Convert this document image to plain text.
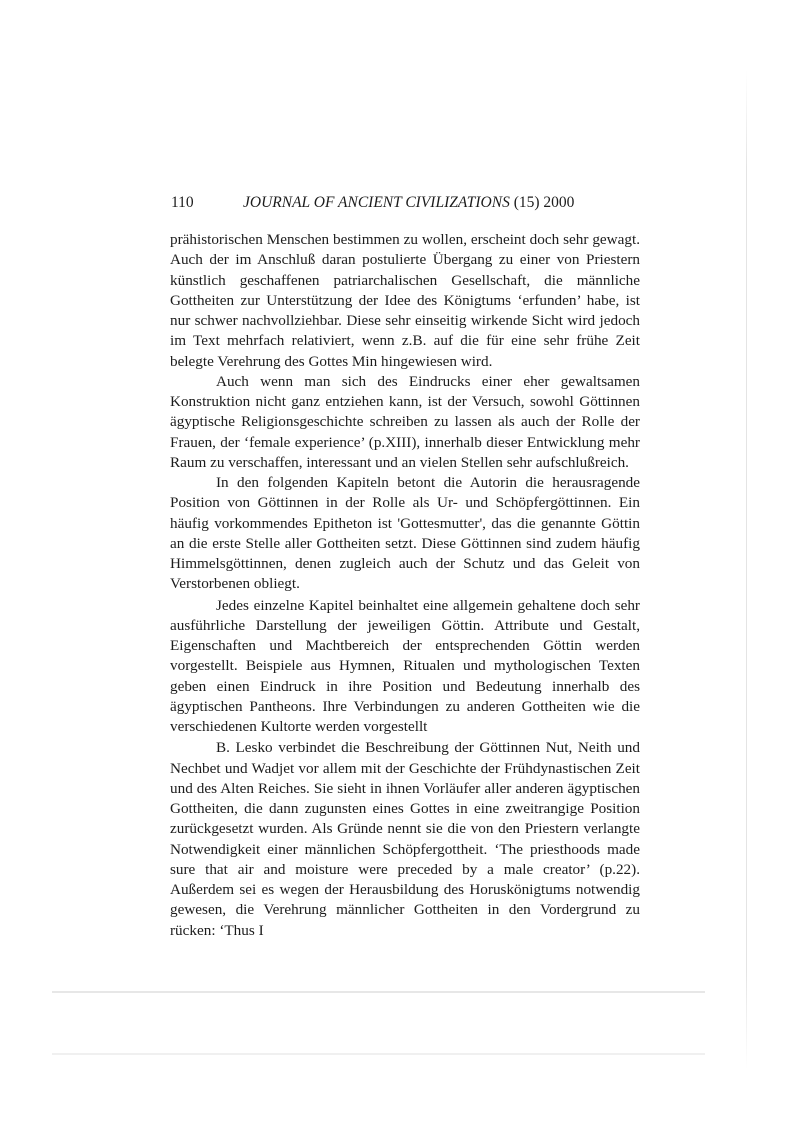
110	JOURNAL OF ANCIENT CIVILIZATIONS (15) 2000

prähistorischen Menschen bestimmen zu wollen, erscheint doch sehr gewagt. Auch der im Anschluß daran postulierte Übergang zu einer von Priestern künstlich geschaffenen patriarchalischen Gesellschaft, die männliche Gottheiten zur Unterstützung der Idee des Königtums ‘erfunden’ habe, ist nur schwer nachvollziehbar. Diese sehr einseitig wirkende Sicht wird jedoch im Text mehrfach relativiert, wenn z.B. auf die für eine sehr frühe Zeit belegte Verehrung des Gottes Min hingewiesen wird.

Auch wenn man sich des Eindrucks einer eher gewaltsamen Konstruktion nicht ganz entziehen kann, ist der Versuch, sowohl Göttinnen ägyptische Religionsgeschichte schreiben zu lassen als auch der Rolle der Frauen, der ‘female experience’ (p.XIII), innerhalb dieser Entwicklung mehr Raum zu verschaffen, interessant und an vielen Stellen sehr aufschlußreich.

In den folgenden Kapiteln betont die Autorin die herausragende Position von Göttinnen in der Rolle als Ur- und Schöpfergöttinnen. Ein häufig vorkommendes Epitheton ist 'Gottesmutter', das die genannte Göttin an die erste Stelle aller Gottheiten setzt. Diese Göttinnen sind zudem häufig Himmelsgöttinnen, denen zugleich auch der Schutz und das Geleit von Verstorbenen obliegt.

Jedes einzelne Kapitel beinhaltet eine allgemein gehaltene doch sehr ausführliche Darstellung der jeweiligen Göttin. Attribute und Gestalt, Eigenschaften und Machtbereich der entsprechenden Göttin werden vorgestellt. Beispiele aus Hymnen, Ritualen und mythologischen Texten geben einen Eindruck in ihre Position und Bedeutung innerhalb des ägyptischen Pantheons. Ihre Verbindungen zu anderen Gottheiten wie die verschiedenen Kultorte werden vorgestellt

B. Lesko verbindet die Beschreibung der Göttinnen Nut, Neith und Nechbet und Wadjet vor allem mit der Geschichte der Frühdynastischen Zeit und des Alten Reiches. Sie sieht in ihnen Vorläufer aller anderen ägyptischen Gottheiten, die dann zugunsten eines Gottes in eine zweitrangige Position zurückgesetzt wurden. Als Gründe nennt sie die von den Priestern verlangte Notwendigkeit einer männlichen Schöpfergottheit. ‘The priesthoods made sure that air and moisture were preceded by a male creator’ (p.22). Außerdem sei es wegen der Herausbildung des Horuskönigtums notwendig gewesen, die Verehrung männlicher Gottheiten in den Vordergrund zu rücken: ‘Thus I
